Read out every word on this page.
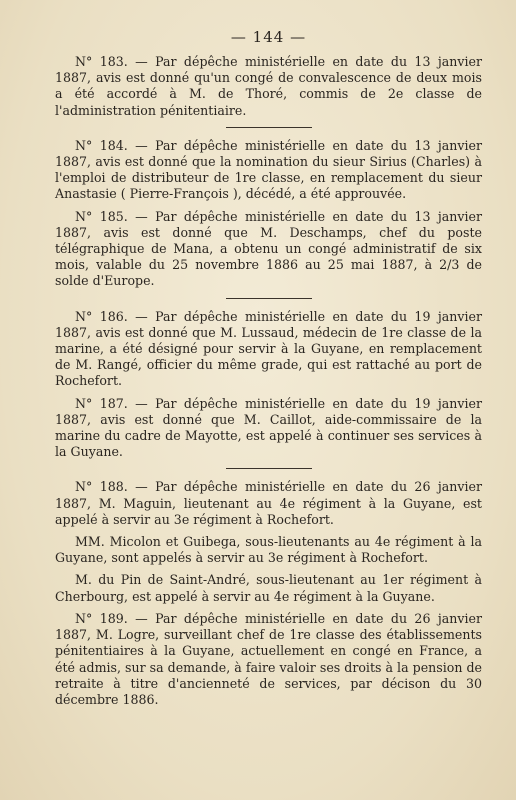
— 144 —

N° 183. — Par dépêche ministérielle en date du 13 janvier 1887, avis est donné qu'un congé de convalescence de deux mois a été accordé à M. de Thoré, commis de 2e classe de l'administration pénitentiaire.

N° 184. — Par dépêche ministérielle en date du 13 janvier 1887, avis est donné que la nomination du sieur Sirius (Charles) à l'emploi de distributeur de 1re classe, en remplacement du sieur Anastasie ( Pierre-François ), décédé, a été approuvée.

N° 185. — Par dépêche ministérielle en date du 13 janvier 1887, avis est donné que M. Deschamps, chef du poste télégraphique de Mana, a obtenu un congé administratif de six mois, valable du 25 novembre 1886 au 25 mai 1887, à 2/3 de solde d'Europe.

N° 186. — Par dépêche ministérielle en date du 19 janvier 1887, avis est donné que M. Lussaud, médecin de 1re classe de la marine, a été désigné pour servir à la Guyane, en remplacement de M. Rangé, officier du même grade, qui est rattaché au port de Rochefort.

N° 187. — Par dépêche ministérielle en date du 19 janvier 1887, avis est donné que M. Caillot, aide-commissaire de la marine du cadre de Mayotte, est appelé à continuer ses services à la Guyane.

N° 188. — Par dépêche ministérielle en date du 26 janvier 1887, M. Maguin, lieutenant au 4e régiment à la Guyane, est appelé à servir au 3e régiment à Rochefort.

MM. Micolon et Guibega, sous-lieutenants au 4e régiment à la Guyane, sont appelés à servir au 3e régiment à Rochefort.

M. du Pin de Saint-André, sous-lieutenant au 1er régiment à Cherbourg, est appelé à servir au 4e régiment à la Guyane.

N° 189. — Par dépêche ministérielle en date du 26 janvier 1887, M. Logre, surveillant chef de 1re classe des établissements pénitentiaires à la Guyane, actuellement en congé en France, a été admis, sur sa demande, à faire valoir ses droits à la pension de retraite à titre d'ancienneté de services, par décison du 30 décembre 1886.
